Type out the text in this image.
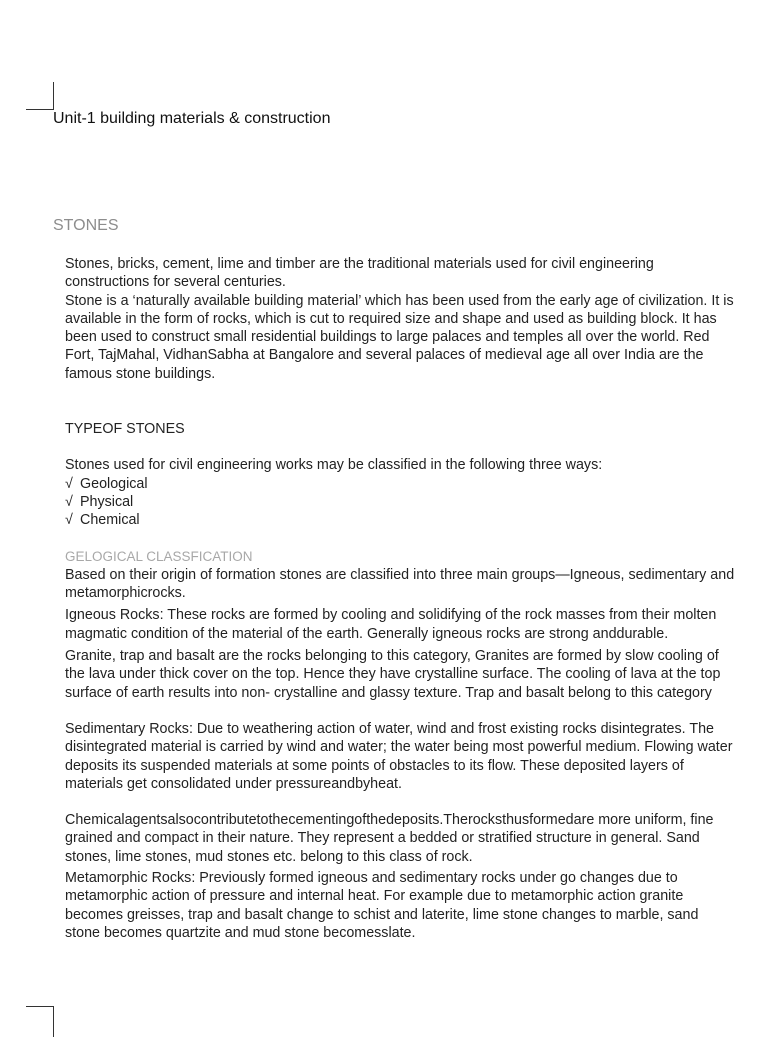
Unit-1 building materials & construction
STONES

Stones, bricks, cement, lime and timber are the traditional materials used for civil engineering constructions for several centuries.

Stone is a ‘naturally available building material’ which has been used from the early age of civilization. It is available in the form of rocks, which is cut to required size and shape and used as building block. It has been used to construct small residential buildings to large palaces and temples all over the world. Red Fort, TajMahal, VidhanSabha at Bangalore and several palaces of medieval age all over India are the famous stone buildings.

TYPEOF STONES

Stones used for civil engineering works may be classified in the following three ways:

√ Geological
√ Physical
√ Chemical

GELOGICAL CLASSFICATION

Based on their origin of formation stones are classified into three main groups—Igneous, sedimentary and metamorphicrocks.

Igneous Rocks: These rocks are formed by cooling and solidifying of the rock masses from their molten magmatic condition of the material of the earth. Generally igneous rocks are strong anddurable.

Granite, trap and basalt are the rocks belonging to this category, Granites are formed by slow cooling of the lava under thick cover on the top. Hence they have crystalline surface. The cooling of lava at the top surface of earth results into non- crystalline and glassy texture. Trap and basalt belong to this category

Sedimentary Rocks: Due to weathering action of water, wind and frost existing rocks disintegrates. The disintegrated material is carried by wind and water; the water being most powerful medium. Flowing water deposits its suspended materials at some points of obstacles to its flow. These deposited layers of materials get consolidated under pressureandbyheat.

Chemicalagentsalsocontributetothecementingofthedeposits.Therocksthusformedare more uniform, fine grained and compact in their nature. They represent a bedded or stratified structure in general. Sand stones, lime stones, mud stones etc. belong to this class of rock.

Metamorphic Rocks: Previously formed igneous and sedimentary rocks under go changes due to metamorphic action of pressure and internal heat. For example due to metamorphic action granite becomes greisses, trap and basalt change to schist and laterite, lime stone changes to marble, sand stone becomes quartzite and mud stone becomesslate.
